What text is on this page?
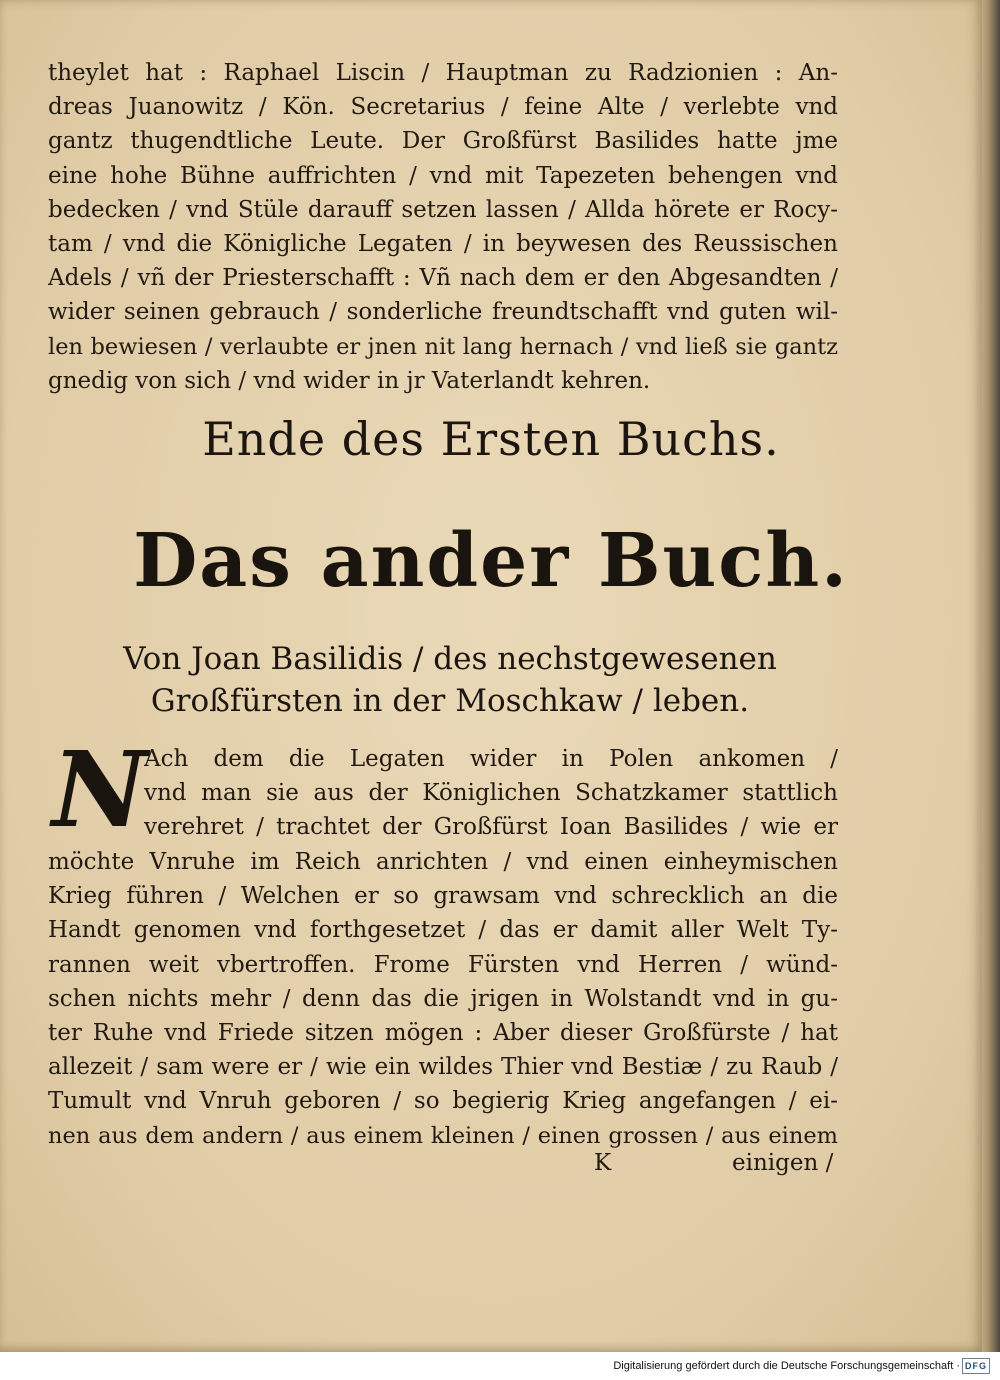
theylet hat : Raphael Liscin / Hauptman zu Radzionien : An-
dreas Juanowitz / Kön. Secretarius / feine Alte / verlebte vnd
gantz thugendtliche Leute. Der Großfürst Basilides hatte jme
eine hohe Bühne auffrichten / vnd mit Tapezeten behengen vnd
bedecken / vnd Stüle darauff setzen lassen / Allda hörete er Rocy-
tam / vnd die Königliche Legaten / in beywesen des Reussischen
Adels / vñ der Priesterschafft : Vñ nach dem er den Abgesandten /
wider seinen gebrauch / sonderliche freundtschafft vnd guten wil-
len bewiesen / verlaubte er jnen nit lang hernach / vnd ließ sie gantz
gnedig von sich / vnd wider in jr Vaterlandt kehren.
Ende des Ersten Buchs.
Das ander Buch.
Von Joan Basilidis / des nechstgewesenen
Großfürsten in der Moschkaw / leben.
N
Ach dem die Legaten wider in Polen ankomen /
vnd man sie aus der Königlichen Schatzkamer stattlich
verehret / trachtet der Großfürst Ioan Basilides / wie er
möchte Vnruhe im Reich anrichten / vnd einen einheymischen
Krieg führen / Welchen er so grawsam vnd schrecklich an die
Handt genomen vnd forthgesetzet / das er damit aller Welt Ty-
rannen weit vbertroffen. Frome Fürsten vnd Herren / wünd-
schen nichts mehr / denn das die jrigen in Wolstandt vnd in gu-
ter Ruhe vnd Friede sitzen mögen : Aber dieser Großfürste / hat
allezeit / sam were er / wie ein wildes Thier vnd Bestiæ / zu Raub /
Tumult vnd Vnruh geboren / so begierig Krieg angefangen / ei-
nen aus dem andern / aus einem kleinen / einen grossen / aus einem
K	einigen /
Digitalisierung gefördert durch die Deutsche Forschungsgemeinschaft · DFG
